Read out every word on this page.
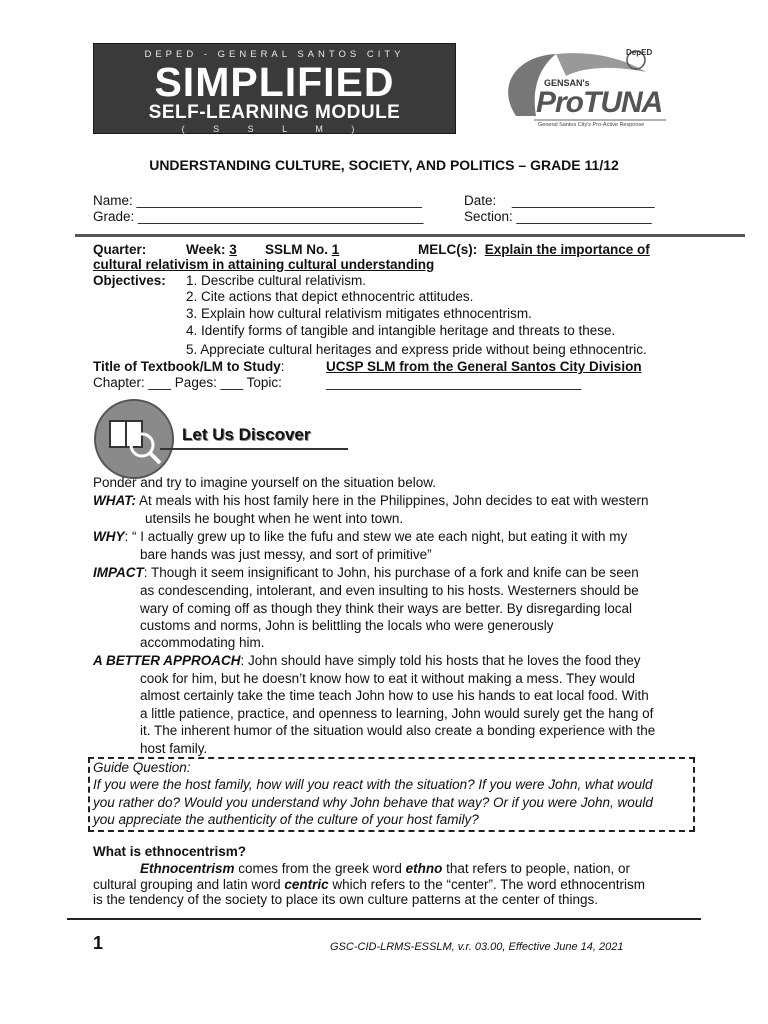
DEPED - GENERAL SANTOS CITY
SIMPLIFIED
SELF-LEARNING MODULE
( S S L M )
DepED
GENSAN's
ProTUNA
General Santos City's Pro-Active Response
UNDERSTANDING CULTURE, SOCIETY, AND POLITICS – GRADE 11/12
Name: ______________________________________	Date: ___________________
Grade: ______________________________________	Section: __________________
Quarter:	Week: 3 SSLM No. 1	MELC(s): Explain the importance of
cultural relativism in attaining cultural understanding
Objectives: 1. Describe cultural relativism.
2. Cite actions that depict ethnocentric attitudes.
3. Explain how cultural relativism mitigates ethnocentrism.
4. Identify forms of tangible and intangible heritage and threats to these.
5. Appreciate cultural heritages and express pride without being ethnocentric.
Title of Textbook/LM to Study:	UCSP SLM from the General Santos City Division
Chapter: ___ Pages: ___ Topic:	__________________________________
Let Us Discover
Ponder and try to imagine yourself on the situation below.
WHAT: At meals with his host family here in the Philippines, John decides to eat with western
utensils he bought when he went into town.
WHY: “ I actually grew up to like the fufu and stew we ate each night, but eating it with my
bare hands was just messy, and sort of primitive”
IMPACT: Though it seem insignificant to John, his purchase of a fork and knife can be seen
as condescending, intolerant, and even insulting to his hosts. Westerners should be
wary of coming off as though they think their ways are better. By disregarding local
customs and norms, John is belittling the locals who were generously
accommodating him.
A BETTER APPROACH: John should have simply told his hosts that he loves the food they
cook for him, but he doesn’t know how to eat it without making a mess. They would
almost certainly take the time teach John how to use his hands to eat local food. With
a little patience, practice, and openness to learning, John would surely get the hang of
it. The inherent humor of the situation would also create a bonding experience with the
host family.
Guide Question:
If you were the host family, how will you react with the situation? If you were John, what would
you rather do? Would you understand why John behave that way? Or if you were John, would
you appreciate the authenticity of the culture of your host family?
What is ethnocentrism?
Ethnocentrism comes from the greek word ethno that refers to people, nation, or
cultural grouping and latin word centric which refers to the “center”. The word ethnocentrism
is the tendency of the society to place its own culture patterns at the center of things.
1	GSC-CID-LRMS-ESSLM, v.r. 03.00, Effective June 14, 2021
